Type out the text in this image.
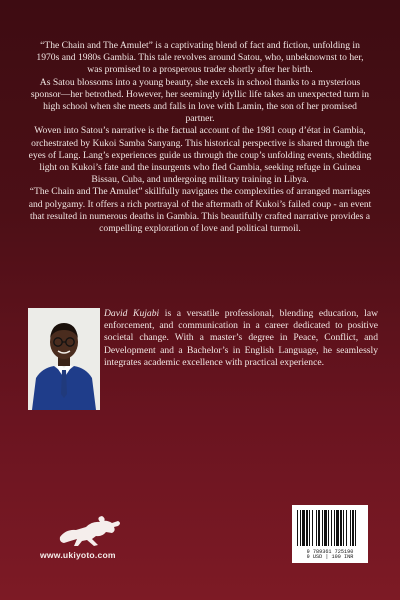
“The Chain and The Amulet” is a captivating blend of fact and fiction, unfolding in 1970s and 1980s Gambia. This tale revolves around Satou, who, unbeknownst to her, was promised to a prosperous trader shortly after her birth.

As Satou blossoms into a young beauty, she excels in school thanks to a mysterious sponsor—her betrothed. However, her seemingly idyllic life takes an unexpected turn in high school when she meets and falls in love with Lamin, the son of her promised partner.

Woven into Satou’s narrative is the factual account of the 1981 coup d’état in Gambia, orchestrated by Kukoi Samba Sanyang. This historical perspective is shared through the eyes of Lang. Lang’s experiences guide us through the coup’s unfolding events, shedding light on Kukoi’s fate and the insurgents who fled Gambia, seeking refuge in Guinea Bissau, Cuba, and undergoing military training in Libya.

“The Chain and The Amulet” skillfully navigates the complexities of arranged marriages and polygamy. It offers a rich portrayal of the aftermath of Kukoi’s failed coup - an event that resulted in numerous deaths in Gambia. This beautifully crafted narrative provides a compelling exploration of love and political turmoil.

David Kujabi is a versatile professional, blending education, law enforcement, and communication in a career dedicated to positive societal change. With a master’s degree in Peace, Conflict, and Development and a Bachelor’s in English Language, he seamlessly integrates academic excellence with practical experience.
www.ukiyoto.com	9 789361 725190
9 USD | 100 INR
